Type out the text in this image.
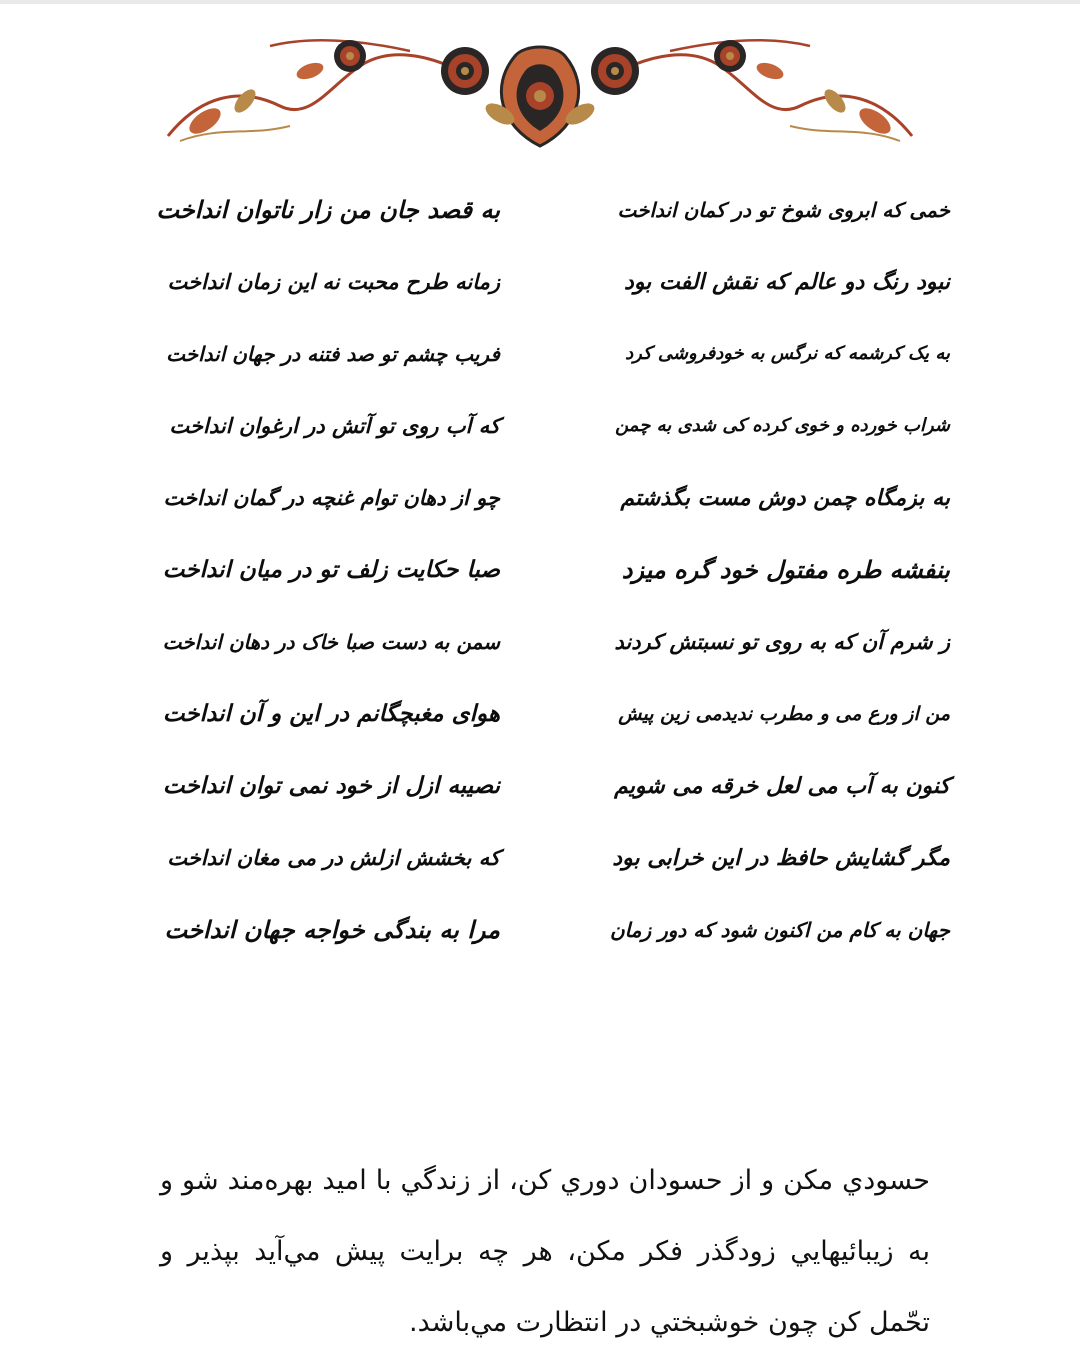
خمی که ابروی شوخ تو در کمان انداخت
به قصد جان من زار ناتوان انداخت
نبود رنگ دو عالم که نقش الفت بود
زمانه طرح محبت نه این زمان انداخت
به یک کرشمه که نرگس به خودفروشی کرد
فریب چشم تو صد فتنه در جهان انداخت
شراب خورده و خوی کرده کی شدی به چمن
که آب روی تو آتش در ارغوان انداخت
به بزمگاه چمن دوش مست بگذشتم
چو از دهان توام غنچه در گمان انداخت
بنفشه طره مفتول خود گره میزد
صبا حکایت زلف تو در میان انداخت
ز شرم آن که به روی تو نسبتش کردند
سمن به دست صبا خاک در دهان انداخت
من از ورع می و مطرب ندیدمی زین پیش
هوای مغبچگانم در این و آن انداخت
کنون به آب می لعل خرقه می شویم
نصیبه ازل از خود نمی توان انداخت
مگر گشایش حافظ در این خرابی بود
که بخشش ازلش در می مغان انداخت
جهان به کام من اکنون شود که دور زمان
مرا به بندگی خواجه جهان انداخت

حسودي مكن و از حسودان دوري كن، از زندگي با اميد بهره‌مند شو و به زيبائيهايي زودگذر فكر مكن، هر چه برايت پيش مي‌آيد بپذير و تحّمل كن چون خوشبختي در انتظارت مي‌باشد.
